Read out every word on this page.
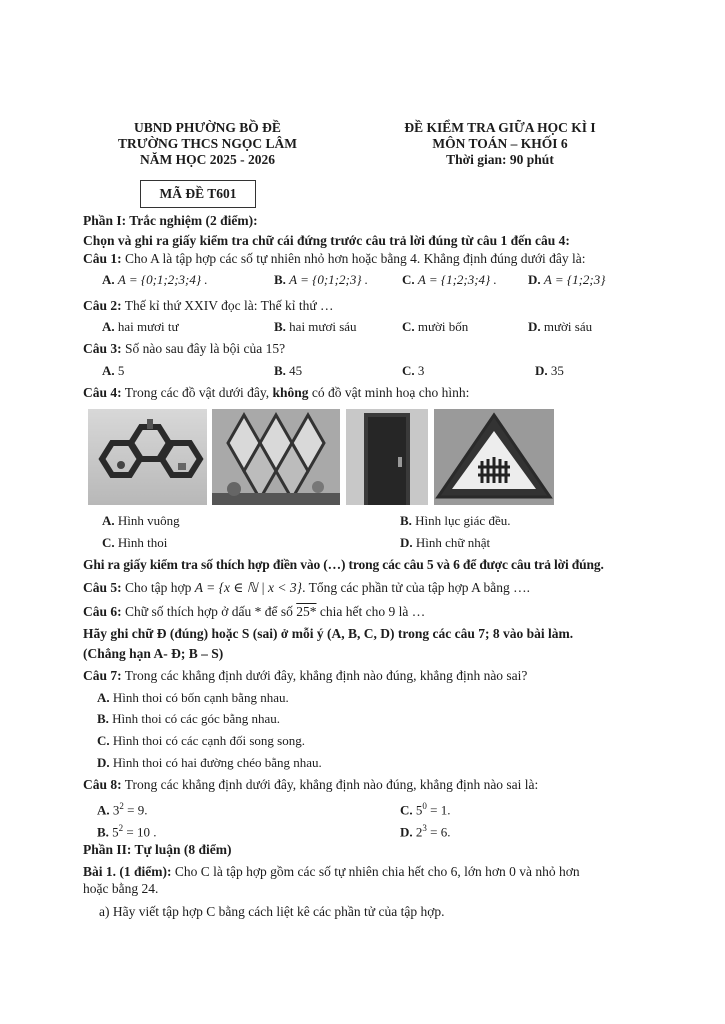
UBND PHƯỜNG BỒ ĐỀ
TRƯỜNG THCS NGỌC LÂM
NĂM HỌC 2025 - 2026
ĐỀ KIỂM TRA GIỮA HỌC KÌ I
MÔN TOÁN – KHỐI 6
Thời gian: 90 phút
MÃ ĐỀ T601
Phần I: Trắc nghiệm (2 điểm):
Chọn và ghi ra giấy kiểm tra chữ cái đứng trước câu trả lời đúng từ câu 1 đến câu 4:
Câu 1: Cho A là tập hợp các số tự nhiên nhỏ hơn hoặc bằng 4. Khẳng định đúng dưới đây là:
A. A = {0;1;2;3;4} .	B. A = {0;1;2;3} .	C. A = {1;2;3;4} . D. A = {1;2;3}
Câu 2: Thế kỉ thứ XXIV đọc là: Thế kỉ thứ …
A. hai mươi tư	B. hai mươi sáu	C. mười bốn	D. mười sáu
Câu 3: Số nào sau đây là bội của 15?
A. 5	B. 45	C. 3	D. 35
Câu 4: Trong các đồ vật dưới đây, không có đồ vật minh hoạ cho hình:
A. Hình vuông	B. Hình lục giác đều.
C. Hình thoi	D. Hình chữ nhật
Ghi ra giấy kiểm tra số thích hợp điền vào (…) trong các câu 5 và 6 để được câu trả lời đúng.
Câu 5: Cho tập hợp A = {x ∈ ℕ | x < 3}. Tổng các phần tử của tập hợp A bằng ….
Câu 6: Chữ số thích hợp ở dấu * để số 25* chia hết cho 9 là …
Hãy ghi chữ Đ (đúng) hoặc S (sai) ở mỗi ý (A, B, C, D) trong các câu 7; 8 vào bài làm.
(Chẳng hạn A- Đ; B – S)
Câu 7: Trong các khẳng định dưới đây, khẳng định nào đúng, khẳng định nào sai?
A. Hình thoi có bốn cạnh bằng nhau.
B. Hình thoi có các góc bằng nhau.
C. Hình thoi có các cạnh đối song song.
D. Hình thoi có hai đường chéo bằng nhau.
Câu 8: Trong các khẳng định dưới đây, khẳng định nào đúng, khẳng định nào sai là:
A. $3^2 = 9$.	C. $5^0 = 1$.
B. $5^2 = 10$ .	D. $2^3 = 6$.
Phần II: Tự luận (8 điểm)
Bài 1. (1 điểm): Cho C là tập hợp gồm các số tự nhiên chia hết cho 6, lớn hơn 0 và nhỏ hơn
hoặc bằng 24.
a) Hãy viết tập hợp C bằng cách liệt kê các phần tử của tập hợp.
